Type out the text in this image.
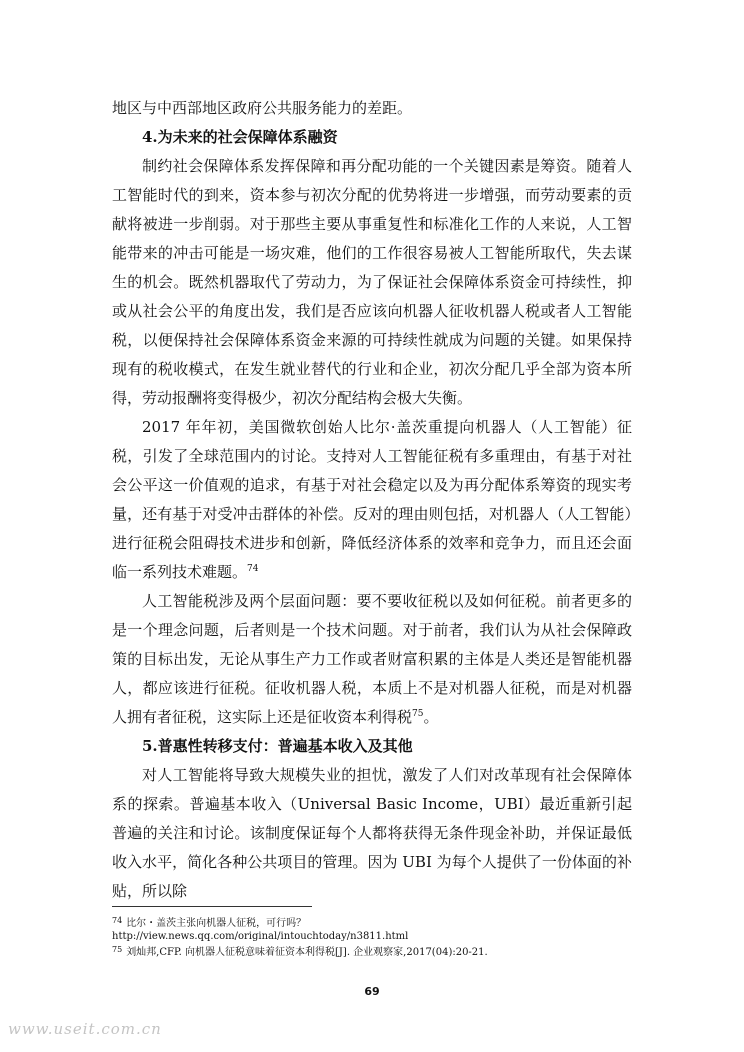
地区与中西部地区政府公共服务能力的差距。

4.为未来的社会保障体系融资

制约社会保障体系发挥保障和再分配功能的一个关键因素是筹资。随着人工智能时代的到来，资本参与初次分配的优势将进一步增强，而劳动要素的贡献将被进一步削弱。对于那些主要从事重复性和标准化工作的人来说，人工智能带来的冲击可能是一场灾难，他们的工作很容易被人工智能所取代，失去谋生的机会。既然机器取代了劳动力，为了保证社会保障体系资金可持续性，抑或从社会公平的角度出发，我们是否应该向机器人征收机器人税或者人工智能税，以便保持社会保障体系资金来源的可持续性就成为问题的关键。如果保持现有的税收模式，在发生就业替代的行业和企业，初次分配几乎全部为资本所得，劳动报酬将变得极少，初次分配结构会极大失衡。

2017 年年初，美国微软创始人比尔·盖茨重提向机器人（人工智能）征税，引发了全球范围内的讨论。支持对人工智能征税有多重理由，有基于对社会公平这一价值观的追求，有基于对社会稳定以及为再分配体系筹资的现实考量，还有基于对受冲击群体的补偿。反对的理由则包括，对机器人（人工智能）进行征税会阻碍技术进步和创新，降低经济体系的效率和竞争力，而且还会面临一系列技术难题。$^{74}$

人工智能税涉及两个层面问题：要不要收征税以及如何征税。前者更多的是一个理念问题，后者则是一个技术问题。对于前者，我们认为从社会保障政策的目标出发，无论从事生产力工作或者财富积累的主体是人类还是智能机器人，都应该进行征税。征收机器人税，本质上不是对机器人征税，而是对机器人拥有者征税，这实际上还是征收资本利得税$^{75}$。

5.普惠性转移支付：普遍基本收入及其他

对人工智能将导致大规模失业的担忧，激发了人们对改革现有社会保障体系的探索。普遍基本收入（Universal Basic Income，UBI）最近重新引起普遍的关注和讨论。该制度保证每个人都将获得无条件现金补助，并保证最低收入水平，简化各种公共项目的管理。因为 UBI 为每个人提供了一份体面的补贴，所以除

$^{74}$ 比尔・盖茨主张向机器人征税，可行吗？
http://view.news.qq.com/original/intouchtoday/n3811.html
$^{75}$ 刘灿邦,CFP. 向机器人征税意味着征资本利得税[J]. 企业观察家,2017(04):20-21.
69
www.useit.com.cn
